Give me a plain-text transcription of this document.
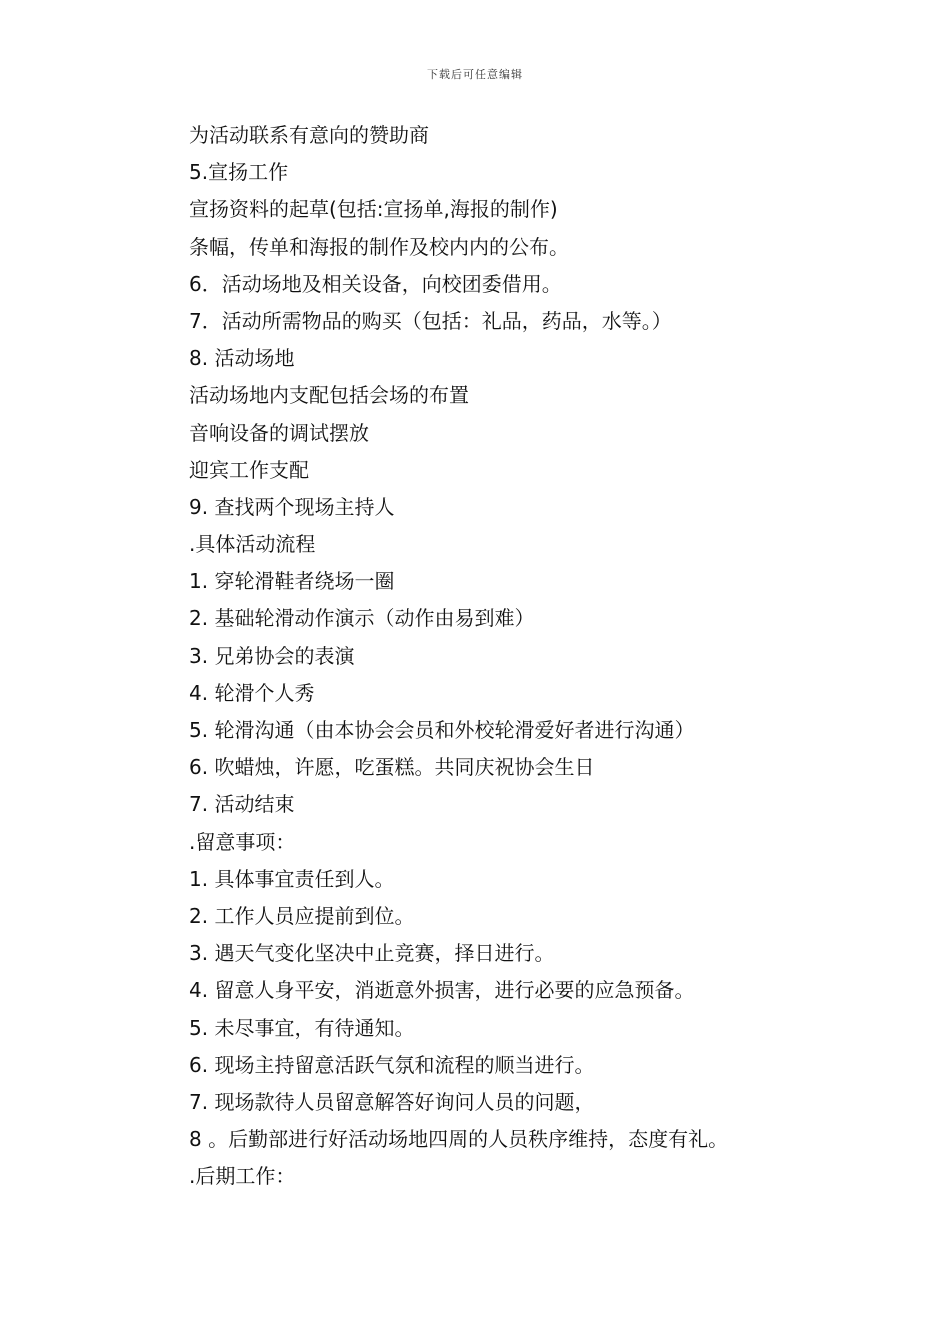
下载后可任意编辑
为活动联系有意向的赞助商
5.宣扬工作
宣扬资料的起草(包括:宣扬单,海报的制作)
条幅，传单和海报的制作及校内内的公布。
6．活动场地及相关设备，向校团委借用。
7．活动所需物品的购买（包括：礼品，药品，水等。）
8. 活动场地
活动场地内支配包括会场的布置
音响设备的调试摆放
迎宾工作支配
9. 查找两个现场主持人
.具体活动流程
1. 穿轮滑鞋者绕场一圈
2. 基础轮滑动作演示（动作由易到难）
3. 兄弟协会的表演
4. 轮滑个人秀
5. 轮滑沟通（由本协会会员和外校轮滑爱好者进行沟通）
6. 吹蜡烛，许愿，吃蛋糕。共同庆祝协会生日
7. 活动结束
.留意事项：
1. 具体事宜责任到人。
2. 工作人员应提前到位。
3. 遇天气变化坚决中止竞赛，择日进行。
4. 留意人身平安，消逝意外损害，进行必要的应急预备。
5. 未尽事宜，有待通知。
6. 现场主持留意活跃气氛和流程的顺当进行。
7. 现场款待人员留意解答好询问人员的问题，
8 。后勤部进行好活动场地四周的人员秩序维持，态度有礼。
.后期工作：
